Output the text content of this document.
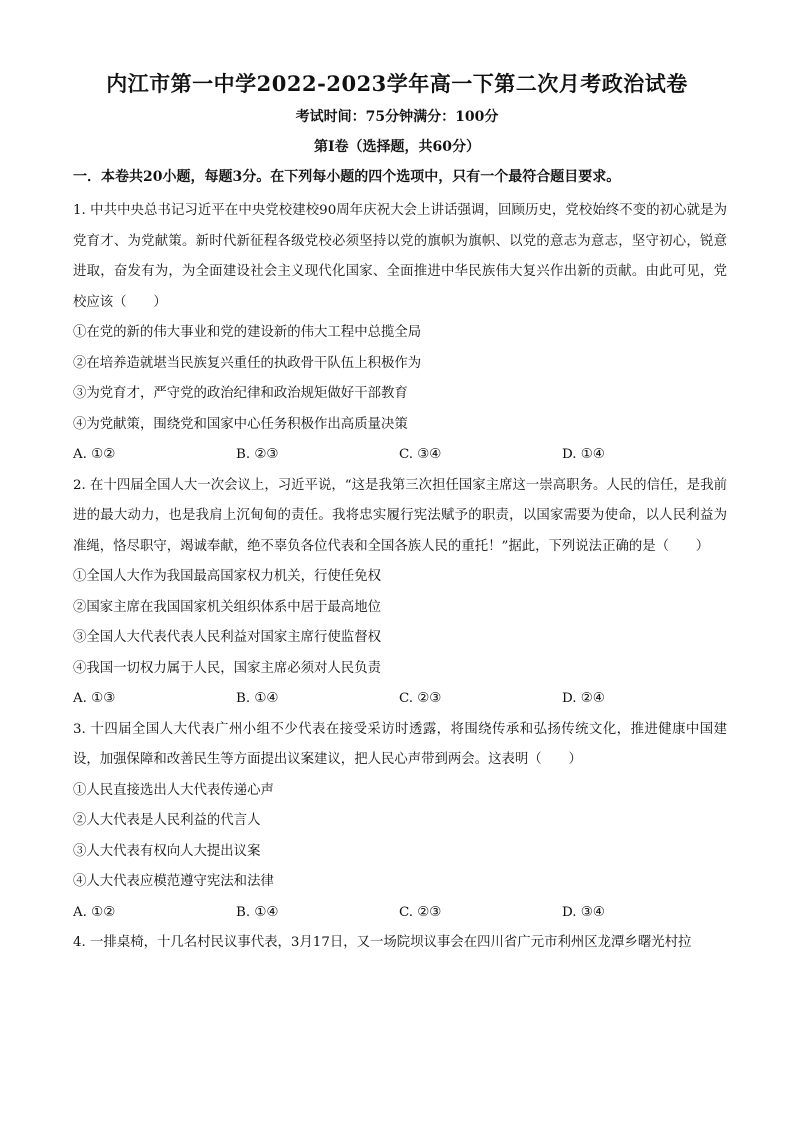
内江市第一中学2022-2023学年高一下第二次月考政治试卷
考试时间：75分钟满分：100分
第Ⅰ卷（选择题，共60分）
一．本卷共20小题，每题3分。在下列每小题的四个选项中，只有一个最符合题目要求。

1. 中共中央总书记习近平在中央党校建校90周年庆祝大会上讲话强调，回顾历史，党校始终不变的初心就是为党育才、为党献策。新时代新征程各级党校必须坚持以党的旗帜为旗帜、以党的意志为意志，坚守初心，锐意进取，奋发有为，为全面建设社会主义现代化国家、全面推进中华民族伟大复兴作出新的贡献。由此可见，党校应该（　　）

①在党的新的伟大事业和党的建设新的伟大工程中总揽全局

②在培养造就堪当民族复兴重任的执政骨干队伍上积极作为

③为党育才，严守党的政治纪律和政治规矩做好干部教育

④为党献策，围绕党和国家中心任务积极作出高质量决策

A. ①②	B. ②③	C. ③④	D. ①④

2. 在十四届全国人大一次会议上，习近平说，“这是我第三次担任国家主席这一崇高职务。人民的信任，是我前进的最大动力，也是我肩上沉甸甸的责任。我将忠实履行宪法赋予的职责，以国家需要为使命，以人民利益为准绳，恪尽职守，竭诚奉献，绝不辜负各位代表和全国各族人民的重托！”据此，下列说法正确的是（　　）

①全国人大作为我国最高国家权力机关，行使任免权

②国家主席在我国国家机关组织体系中居于最高地位

③全国人大代表代表人民利益对国家主席行使监督权

④我国一切权力属于人民，国家主席必须对人民负责

A. ①③	B. ①④	C. ②③	D. ②④

3. 十四届全国人大代表广州小组不少代表在接受采访时透露，将围绕传承和弘扬传统文化，推进健康中国建设，加强保障和改善民生等方面提出议案建议，把人民心声带到两会。这表明（　　）

①人民直接选出人大代表传递心声

②人大代表是人民利益的代言人

③人大代表有权向人大提出议案

④人大代表应模范遵守宪法和法律

A. ①②	B. ①④	C. ②③	D. ③④

4. 一排桌椅，十几名村民议事代表，3月17日，又一场院坝议事会在四川省广元市利州区龙潭乡曙光村拉
